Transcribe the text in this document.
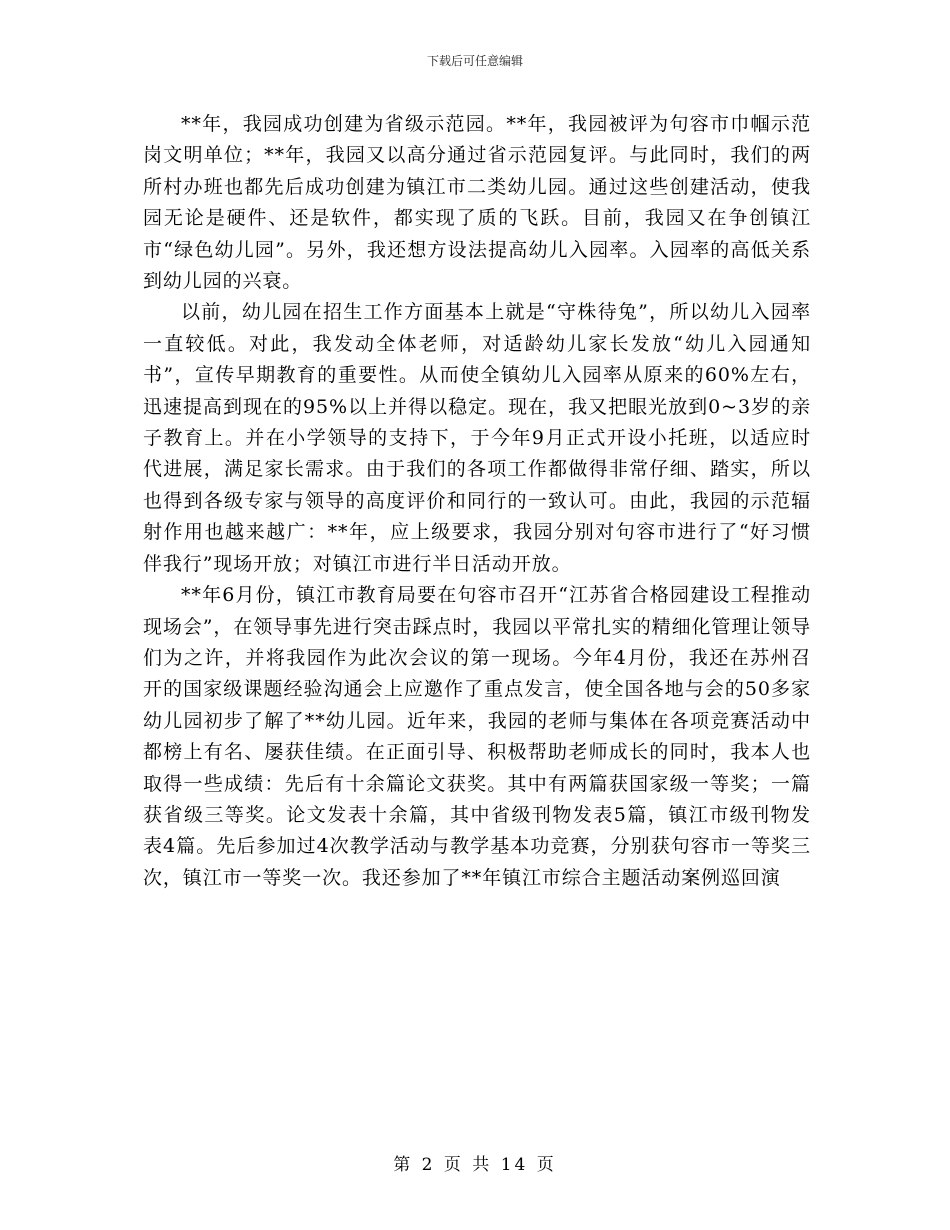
下载后可任意编辑

**年，我园成功创建为省级示范园。**年，我园被评为句容市巾帼示范岗文明单位；**年，我园又以高分通过省示范园复评。与此同时，我们的两所村办班也都先后成功创建为镇江市二类幼儿园。通过这些创建活动，使我园无论是硬件、还是软件，都实现了质的飞跃。目前，我园又在争创镇江市“绿色幼儿园”。另外，我还想方设法提高幼儿入园率。入园率的高低关系到幼儿园的兴衰。

以前，幼儿园在招生工作方面基本上就是“守株待兔”，所以幼儿入园率一直较低。对此，我发动全体老师，对适龄幼儿家长发放“幼儿入园通知书”，宣传早期教育的重要性。从而使全镇幼儿入园率从原来的60%左右，迅速提高到现在的95%以上并得以稳定。现在，我又把眼光放到0~3岁的亲子教育上。并在小学领导的支持下，于今年9月正式开设小托班，以适应时代进展，满足家长需求。由于我们的各项工作都做得非常仔细、踏实，所以也得到各级专家与领导的高度评价和同行的一致认可。由此，我园的示范辐射作用也越来越广：**年，应上级要求，我园分别对句容市进行了“好习惯伴我行”现场开放；对镇江市进行半日活动开放。

**年6月份，镇江市教育局要在句容市召开“江苏省合格园建设工程推动现场会”，在领导事先进行突击踩点时，我园以平常扎实的精细化管理让领导们为之许，并将我园作为此次会议的第一现场。今年4月份，我还在苏州召开的国家级课题经验沟通会上应邀作了重点发言，使全国各地与会的50多家幼儿园初步了解了**幼儿园。近年来，我园的老师与集体在各项竞赛活动中都榜上有名、屡获佳绩。在正面引导、积极帮助老师成长的同时，我本人也取得一些成绩：先后有十余篇论文获奖。其中有两篇获国家级一等奖；一篇获省级三等奖。论文发表十余篇，其中省级刊物发表5篇，镇江市级刊物发表4篇。先后参加过4次教学活动与教学基本功竞赛，分别获句容市一等奖三次，镇江市一等奖一次。我还参加了**年镇江市综合主题活动案例巡回演

第 2 页 共 14 页
